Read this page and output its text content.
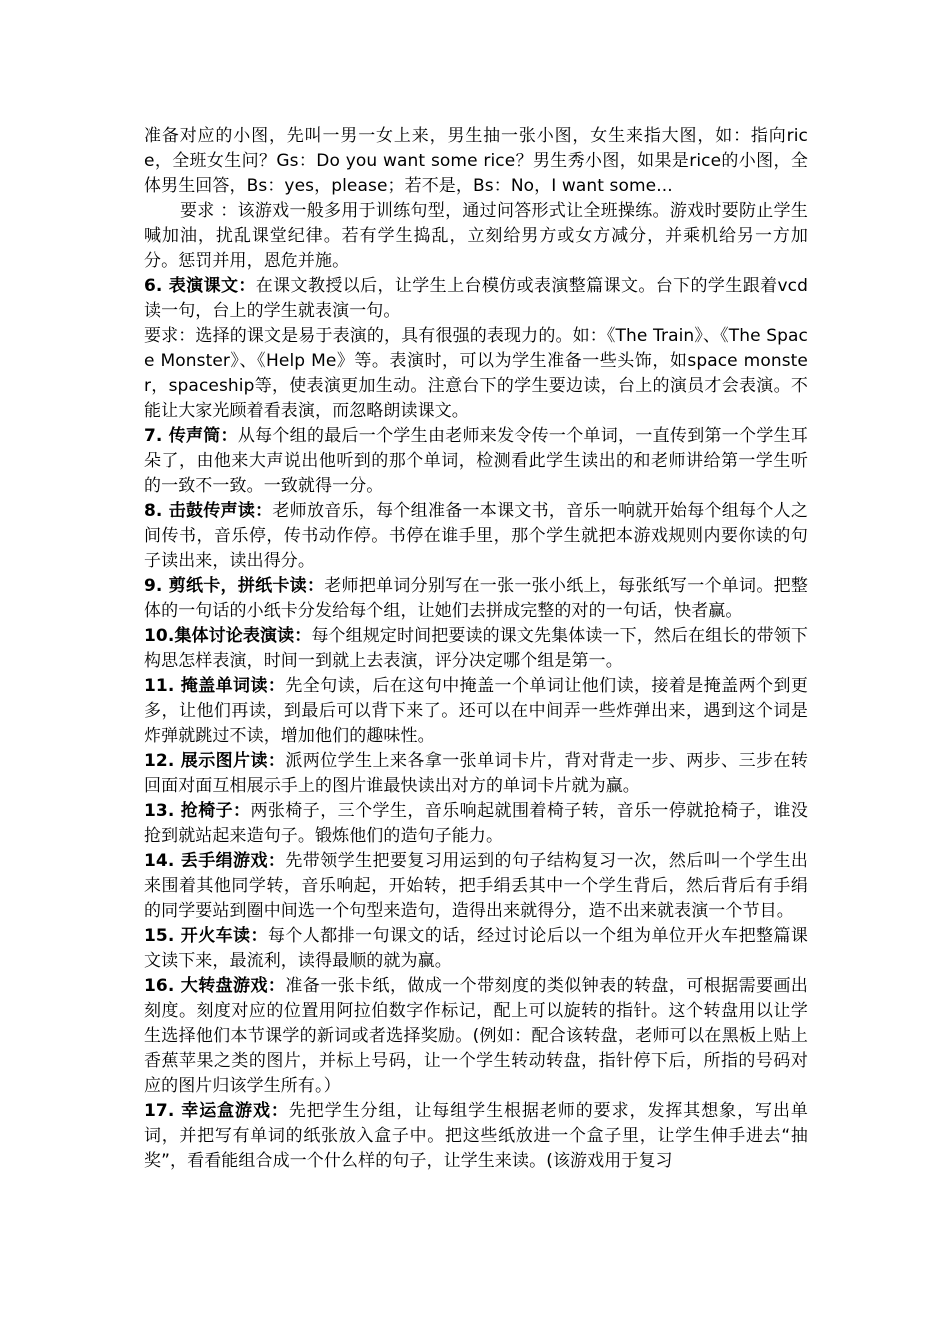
准备对应的小图，先叫一男一女上来，男生抽一张小图，女生来指大图，如：指向rice，全班女生问？Gs：Do you want some rice？男生秀小图，如果是rice的小图，全体男生回答，Bs：yes，please；若不是，Bs：No，I want some...

要求 ：该游戏一般多用于训练句型，通过问答形式让全班操练。游戏时要防止学生喊加油，扰乱课堂纪律。若有学生捣乱，立刻给男方或女方减分，并乘机给另一方加分。惩罚并用，恩危并施。

6. 表演课文：在课文教授以后，让学生上台模仿或表演整篇课文。台下的学生跟着vcd读一句，台上的学生就表演一句。

要求：选择的课文是易于表演的，具有很强的表现力的。如：《The Train》、《The Space Monster》、《Help Me》等。表演时，可以为学生准备一些头饰，如space monster，spaceship等，使表演更加生动。注意台下的学生要边读，台上的演员才会表演。不能让大家光顾着看表演，而忽略朗读课文。

7. 传声筒：从每个组的最后一个学生由老师来发令传一个单词，一直传到第一个学生耳朵了，由他来大声说出他听到的那个单词，检测看此学生读出的和老师讲给第一学生听的一致不一致。一致就得一分。

8. 击鼓传声读：老师放音乐，每个组准备一本课文书，音乐一响就开始每个组每个人之间传书，音乐停，传书动作停。书停在谁手里，那个学生就把本游戏规则内要你读的句子读出来，读出得分。

9. 剪纸卡，拼纸卡读：老师把单词分别写在一张一张小纸上，每张纸写一个单词。把整体的一句话的小纸卡分发给每个组，让她们去拼成完整的对的一句话，快者赢。

10.集体讨论表演读：每个组规定时间把要读的课文先集体读一下，然后在组长的带领下构思怎样表演，时间一到就上去表演，评分决定哪个组是第一。

11. 掩盖单词读：先全句读，后在这句中掩盖一个单词让他们读，接着是掩盖两个到更多，让他们再读，到最后可以背下来了。还可以在中间弄一些炸弹出来，遇到这个词是炸弹就跳过不读，增加他们的趣味性。

12. 展示图片读：派两位学生上来各拿一张单词卡片，背对背走一步、两步、三步在转回面对面互相展示手上的图片谁最快读出对方的单词卡片就为赢。

13. 抢椅子：两张椅子，三个学生，音乐响起就围着椅子转，音乐一停就抢椅子，谁没抢到就站起来造句子。锻炼他们的造句子能力。

14. 丢手绢游戏：先带领学生把要复习用运到的句子结构复习一次，然后叫一个学生出来围着其他同学转，音乐响起，开始转，把手绢丢其中一个学生背后，然后背后有手绢的同学要站到圈中间选一个句型来造句，造得出来就得分，造不出来就表演一个节目。

15. 开火车读：每个人都排一句课文的话，经过讨论后以一个组为单位开火车把整篇课文读下来，最流利，读得最顺的就为赢。

16. 大转盘游戏：准备一张卡纸，做成一个带刻度的类似钟表的转盘，可根据需要画出刻度。刻度对应的位置用阿拉伯数字作标记，配上可以旋转的指针。这个转盘用以让学生选择他们本节课学的新词或者选择奖励。(例如：配合该转盘，老师可以在黑板上贴上香蕉苹果之类的图片，并标上号码，让一个学生转动转盘，指针停下后，所指的号码对应的图片归该学生所有。）

17. 幸运盒游戏：先把学生分组，让每组学生根据老师的要求，发挥其想象，写出单词，并把写有单词的纸张放入盒子中。把这些纸放进一个盒子里，让学生伸手进去“抽奖”，看看能组合成一个什么样的句子，让学生来读。(该游戏用于复习
